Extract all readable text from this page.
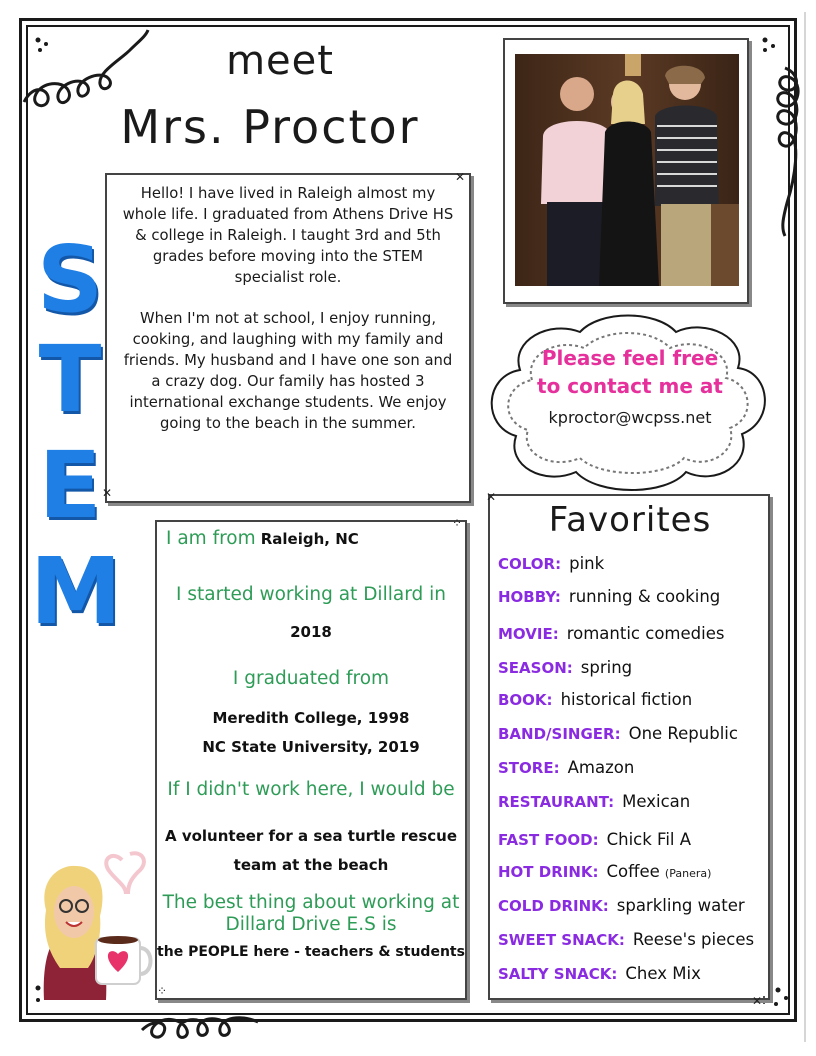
meet
Mrs. Proctor
S
T
E
M

Hello! I have lived in Raleigh almost my whole life. I graduated from Athens Drive HS & college in Raleigh. I taught 3rd and 5th grades before moving into the STEM specialist role.

When I'm not at school, I enjoy running, cooking, and laughing with my family and friends. My husband and I have one son and a crazy dog. Our family has hosted 3 international exchange students. We enjoy going to the beach in the summer.

✕
✕
Please feel free
to contact me at
kproctor@wcpss.net
⁘
⁘
I am from Raleigh, NC
I started working at Dillard in
2018
I graduated from
Meredith College, 1998
NC State University, 2019
If I didn't work here, I would be
A volunteer for a sea turtle rescue
team at the beach
The best thing about working at
Dillard Drive E.S is
the PEOPLE here - teachers & students
Favorites
✕
✕
COLOR: pink
HOBBY: running & cooking
MOVIE: romantic comedies
SEASON: spring
BOOK: historical fiction
BAND/SINGER: One Republic
STORE: Amazon
RESTAURANT: Mexican
FAST FOOD: Chick Fil A
HOT DRINK: Coffee (Panera)
COLD DRINK: sparkling water
SWEET SNACK: Reese's pieces
SALTY SNACK: Chex Mix
